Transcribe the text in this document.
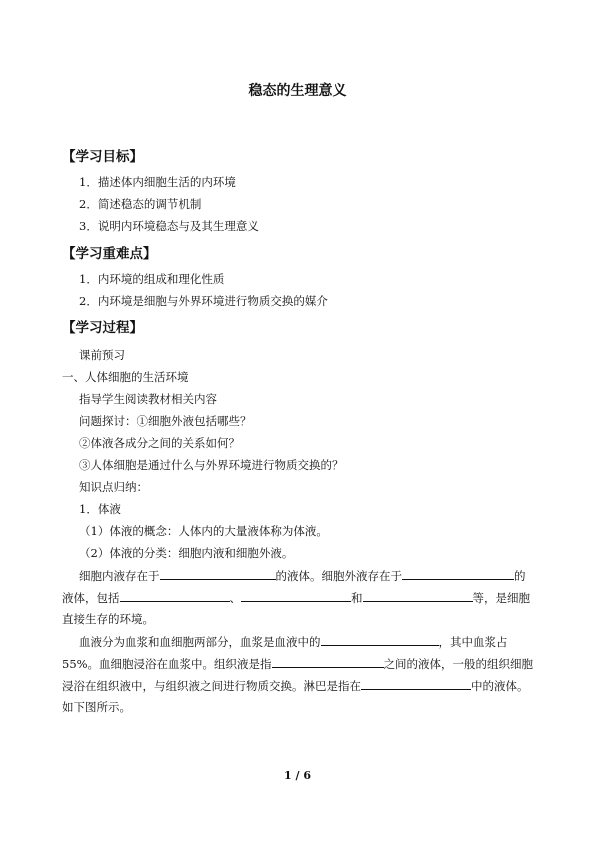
稳态的生理意义
【学习目标】
1．描述体内细胞生活的内环境
2．简述稳态的调节机制
3．说明内环境稳态与及其生理意义
【学习重难点】
1．内环境的组成和理化性质
2．内环境是细胞与外界环境进行物质交换的媒介
【学习过程】
课前预习
一、人体细胞的生活环境
指导学生阅读教材相关内容
问题探讨：①细胞外液包括哪些？
②体液各成分之间的关系如何？
③人体细胞是通过什么与外界环境进行物质交换的？
知识点归纳：
1．体液
（1）体液的概念：人体内的大量液体称为体液。
（2）体液的分类：细胞内液和细胞外液。
细胞内液存在于	的液体。细胞外液存在于	的
液体，包括	、	和	等，是细胞
直接生存的环境。
血液分为血浆和血细胞两部分，血浆是血液中的	，其中血浆占
55%。血细胞浸浴在血浆中。组织液是指	之间的液体，一般的组织细胞
浸浴在组织液中，与组织液之间进行物质交换。淋巴是指在	中的液体。
如下图所示。
1 / 6
